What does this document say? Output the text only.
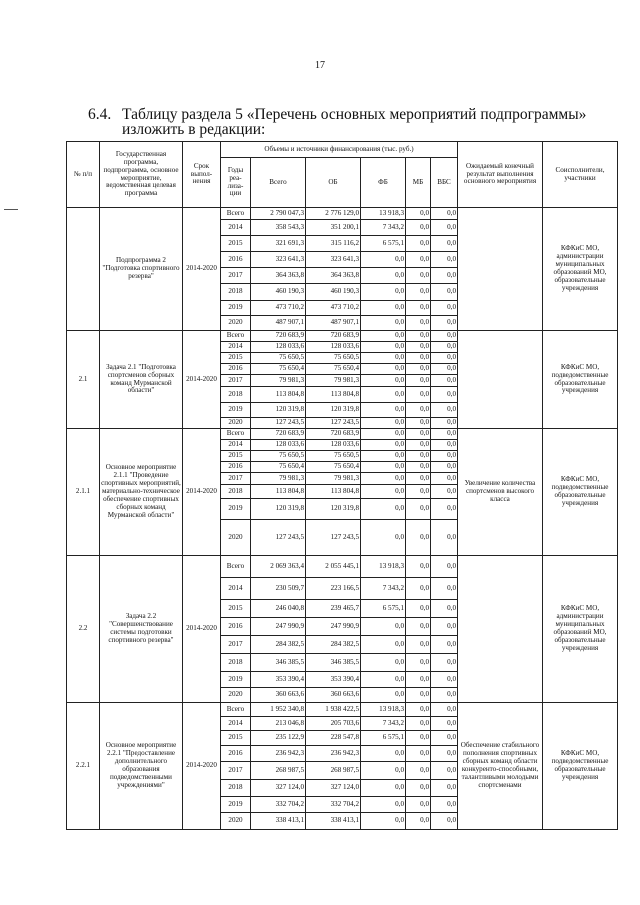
17
6.4. Таблицу раздела 5 «Перечень основных мероприятий подпрограммы»
изложить в редакции:
№ п/п	Государственная программа, подпрограмма, основное мероприятие, ведомственная целевая программа	Срок выпол-нения	Объемы и источники финансирования (тыс. руб.)						Ожидаемый конечный результат выполнения основного мероприятия	Соисполнители, участники
			Годы реа-лиза-ции	Всего	ОБ	ФБ	МБ	ВБС		
	Подпрограмма 2 "Подготовка спортивного резерва"	2014-2020	Всего	2 790 047,3	2 776 129,0	13 918,3	0,0	0,0		КФКиС МО, администрации муниципальных образований МО, образовательные учреждения
			2014	358 543,3	351 200,1	7 343,2	0,0	0,0		
			2015	321 691,3	315 116,2	6 575,1	0,0	0,0		
			2016	323 641,3	323 641,3	0,0	0,0	0,0		
			2017	364 363,8	364 363,8	0,0	0,0	0,0		
			2018	460 190,3	460 190,3	0,0	0,0	0,0		
			2019	473 710,2	473 710,2	0,0	0,0	0,0		
			2020	487 907,1	487 907,1	0,0	0,0	0,0		
2.1	Задача 2.1 "Подготовка спортсменов сборных команд Мурманской области"	2014-2020	Всего	720 683,9	720 683,9	0,0	0,0	0,0		КФКиС МО, подведомственные образовательные учреждения
			2014	128 033,6	128 033,6	0,0	0,0	0,0		
			2015	75 650,5	75 650,5	0,0	0,0	0,0		
			2016	75 650,4	75 650,4	0,0	0,0	0,0		
			2017	79 981,3	79 981,3	0,0	0,0	0,0		
			2018	113 804,8	113 804,8	0,0	0,0	0,0		
			2019	120 319,8	120 319,8	0,0	0,0	0,0		
			2020	127 243,5	127 243,5	0,0	0,0	0,0		
2.1.1	Основное мероприятие 2.1.1 "Проведение спортивных мероприятий, материально-техническое обеспечение спортивных сборных команд Мурманской области"	2014-2020	Всего	720 683,9	720 683,9	0,0	0,0	0,0	Увеличение количества спортсменов высокого класса	КФКиС МО, подведомственные образовательные учреждения
			2014	128 033,6	128 033,6	0,0	0,0	0,0		
			2015	75 650,5	75 650,5	0,0	0,0	0,0		
			2016	75 650,4	75 650,4	0,0	0,0	0,0		
			2017	79 981,3	79 981,3	0,0	0,0	0,0		
			2018	113 804,8	113 804,8	0,0	0,0	0,0		
			2019	120 319,8	120 319,8	0,0	0,0	0,0		
			2020	127 243,5	127 243,5	0,0	0,0	0,0		
2.2	Задача 2.2 "Совершенствование системы подготовки спортивного резерва"	2014-2020	Всего	2 069 363,4	2 055 445,1	13 918,3	0,0	0,0		КФКиС МО, администрации муниципальных образований МО, образовательные учреждения
			2014	230 509,7	223 166,5	7 343,2	0,0	0,0		
			2015	246 040,8	239 465,7	6 575,1	0,0	0,0		
			2016	247 990,9	247 990,9	0,0	0,0	0,0		
			2017	284 382,5	284 382,5	0,0	0,0	0,0		
			2018	346 385,5	346 385,5	0,0	0,0	0,0		
			2019	353 390,4	353 390,4	0,0	0,0	0,0		
			2020	360 663,6	360 663,6	0,0	0,0	0,0		
2.2.1	Основное мероприятие 2.2.1 "Предоставление дополнительного образования подведомственными учреждениями"	2014-2020	Всего	1 952 340,8	1 938 422,5	13 918,3	0,0	0,0	Обеспечение стабильного пополнения спортивных сборных команд области конкуренто-способными, талантливыми молодыми спортсменами	КФКиС МО, подведомственные образовательные учреждения
			2014	213 046,8	205 703,6	7 343,2	0,0	0,0		
			2015	235 122,9	228 547,8	6 575,1	0,0	0,0		
			2016	236 942,3	236 942,3	0,0	0,0	0,0		
			2017	268 987,5	268 987,5	0,0	0,0	0,0		
			2018	327 124,0	327 124,0	0,0	0,0	0,0		
			2019	332 704,2	332 704,2	0,0	0,0	0,0		
			2020	338 413,1	338 413,1	0,0	0,0	0,0		
